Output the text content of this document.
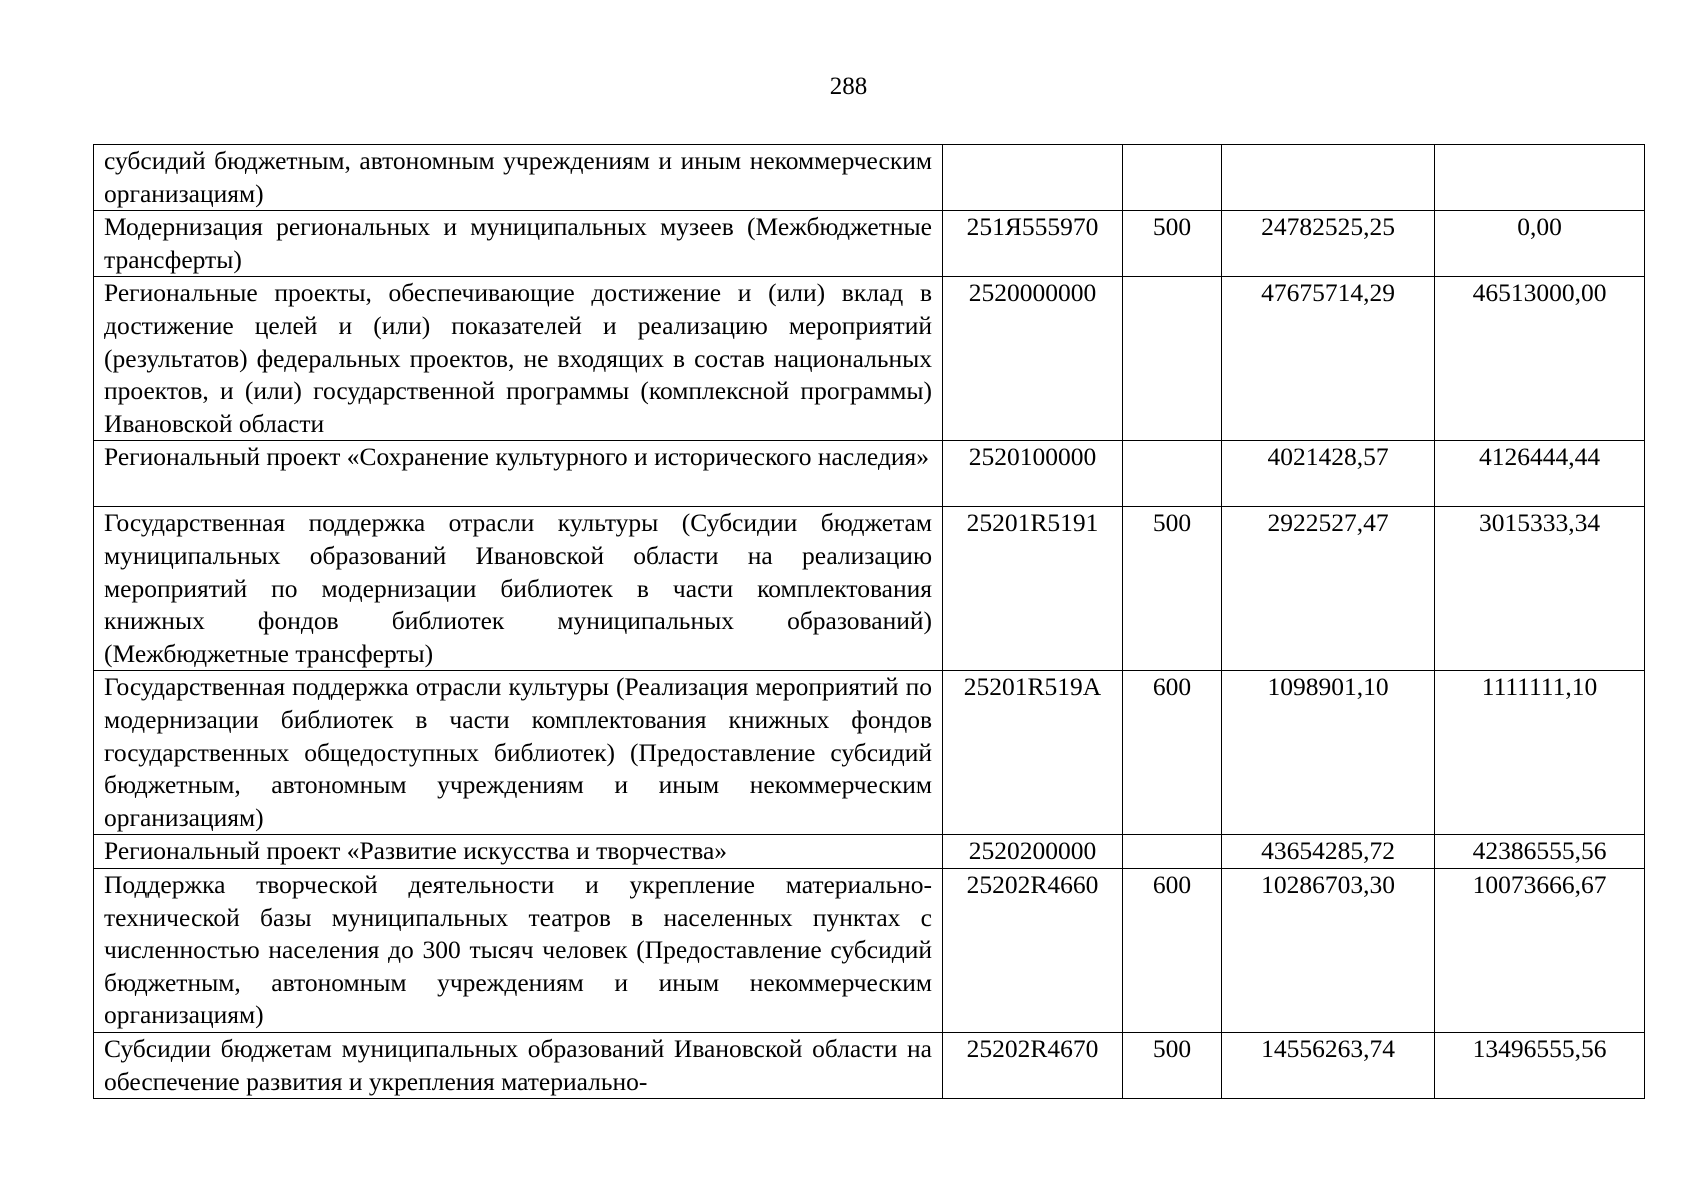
288
субсидий бюджетным, автономным учреждениям и иным некоммерческим организациям)				
Модернизация региональных и муниципальных музеев (Межбюджетные трансферты)	251Я555970	500	24782525,25	0,00
Региональные проекты, обеспечивающие достижение и (или) вклад в достижение целей и (или) показателей и реализацию мероприятий (результатов) федеральных проектов, не входящих в состав национальных проектов, и (или) государственной программы (комплексной программы) Ивановской области	2520000000		47675714,29	46513000,00
Региональный проект «Сохранение культурного и исторического наследия»	2520100000		4021428,57	4126444,44
Государственная поддержка отрасли культуры (Субсидии бюджетам муниципальных образований Ивановской области на реализацию мероприятий по модернизации библиотек в части комплектования книжных фондов библиотек муниципальных образований) (Межбюджетные трансферты)	25201R5191	500	2922527,47	3015333,34
Государственная поддержка отрасли культуры (Реализация мероприятий по модернизации библиотек в части комплектования книжных фондов государственных общедоступных библиотек) (Предоставление субсидий бюджетным, автономным учреждениям и иным некоммерческим организациям)	25201R519A	600	1098901,10	1111111,10
Региональный проект «Развитие искусства и творчества»	2520200000		43654285,72	42386555,56
Поддержка творческой деятельности и укрепление материально-технической базы муниципальных театров в населенных пунктах с численностью населения до 300 тысяч человек (Предоставление субсидий бюджетным, автономным учреждениям и иным некоммерческим организациям)	25202R4660	600	10286703,30	10073666,67
Субсидии бюджетам муниципальных образований Ивановской области на обеспечение развития и укрепления материально-	25202R4670	500	14556263,74	13496555,56
